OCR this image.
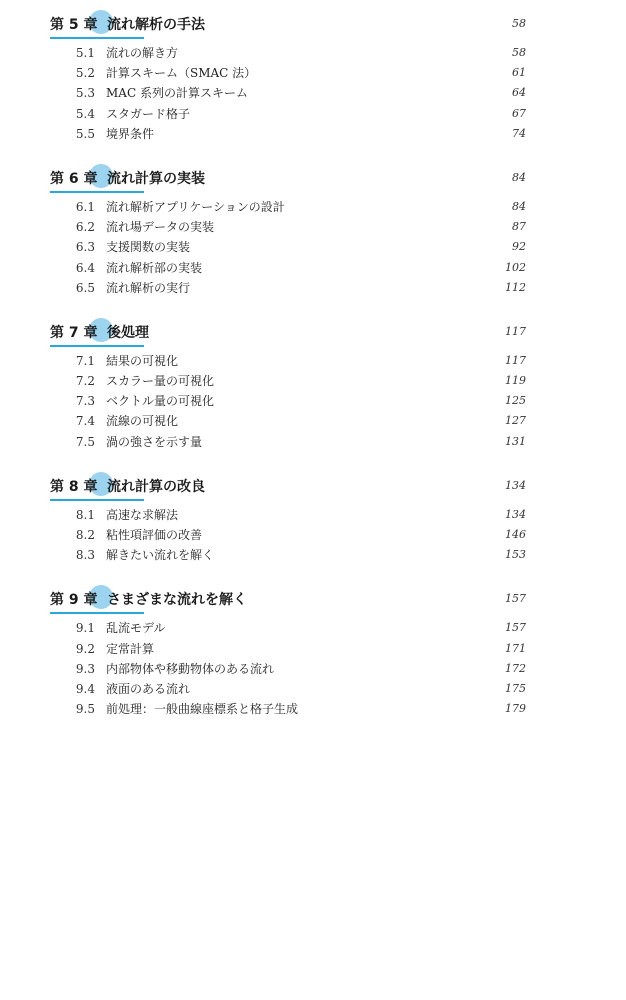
第 5 章 流れ解析の手法	58
5.1 流れの解き方	58
5.2 計算スキーム（SMAC 法）	61
5.3 MAC 系列の計算スキーム	64
5.4 スタガード格子	67
5.5 境界条件	74
第 6 章 流れ計算の実装	84
6.1 流れ解析アプリケーションの設計	84
6.2 流れ場データの実装	87
6.3 支援関数の実装	92
6.4 流れ解析部の実装	102
6.5 流れ解析の実行	112
第 7 章 後処理	117
7.1 結果の可視化	117
7.2 スカラー量の可視化	119
7.3 ベクトル量の可視化	125
7.4 流線の可視化	127
7.5 渦の強さを示す量	131
第 8 章 流れ計算の改良	134
8.1 高速な求解法	134
8.2 粘性項評価の改善	146
8.3 解きたい流れを解く	153
第 9 章 さまざまな流れを解く	157
9.1 乱流モデル	157
9.2 定常計算	171
9.3 内部物体や移動物体のある流れ	172
9.4 液面のある流れ	175
9.5 前処理：一般曲線座標系と格子生成	179
